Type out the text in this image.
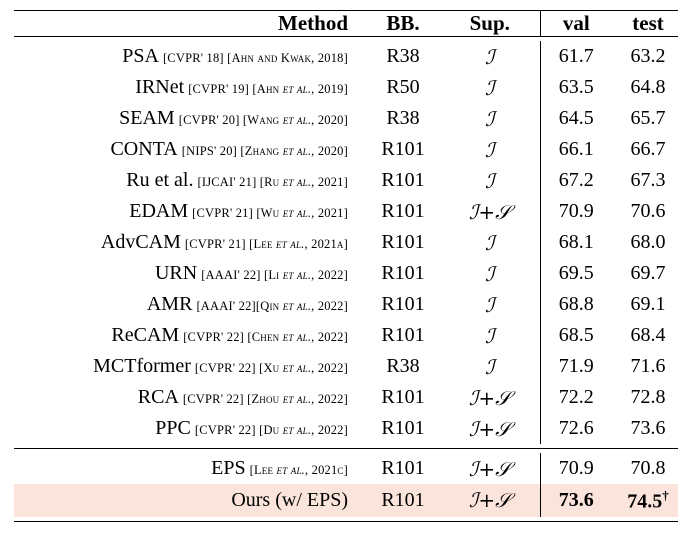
Method	BB.	Sup.	val	test

PSA [CVPR' 18] [Ahn and Kwak, 2018]	R38	ℐ	61.7	63.2
IRNet [CVPR' 19] [Ahn et al., 2019]	R50	ℐ	63.5	64.8
SEAM [CVPR' 20] [Wang et al., 2020]	R38	ℐ	64.5	65.7
CONTA [NIPS' 20] [Zhang et al., 2020]	R101	ℐ	66.1	66.7
Ru et al. [IJCAI' 21] [Ru et al., 2021]	R101	ℐ	67.2	67.3
EDAM [CVPR' 21] [Wu et al., 2021]	R101	ℐ+𝒮	70.9	70.6
AdvCAM [CVPR' 21] [Lee et al., 2021a]	R101	ℐ	68.1	68.0
URN [AAAI' 22] [Li et al., 2022]	R101	ℐ	69.5	69.7
AMR [AAAI' 22][Qin et al., 2022]	R101	ℐ	68.8	69.1
ReCAM [CVPR' 22] [Chen et al., 2022]	R101	ℐ	68.5	68.4
MCTformer [CVPR' 22] [Xu et al., 2022]	R38	ℐ	71.9	71.6
RCA [CVPR' 22] [Zhou et al., 2022]	R101	ℐ+𝒮	72.2	72.8
PPC [CVPR' 22] [Du et al., 2022]	R101	ℐ+𝒮	72.6	73.6

EPS [Lee et al., 2021c]	R101	ℐ+𝒮	70.9	70.8
Ours (w/ EPS)	R101	ℐ+𝒮	73.6	74.5†
